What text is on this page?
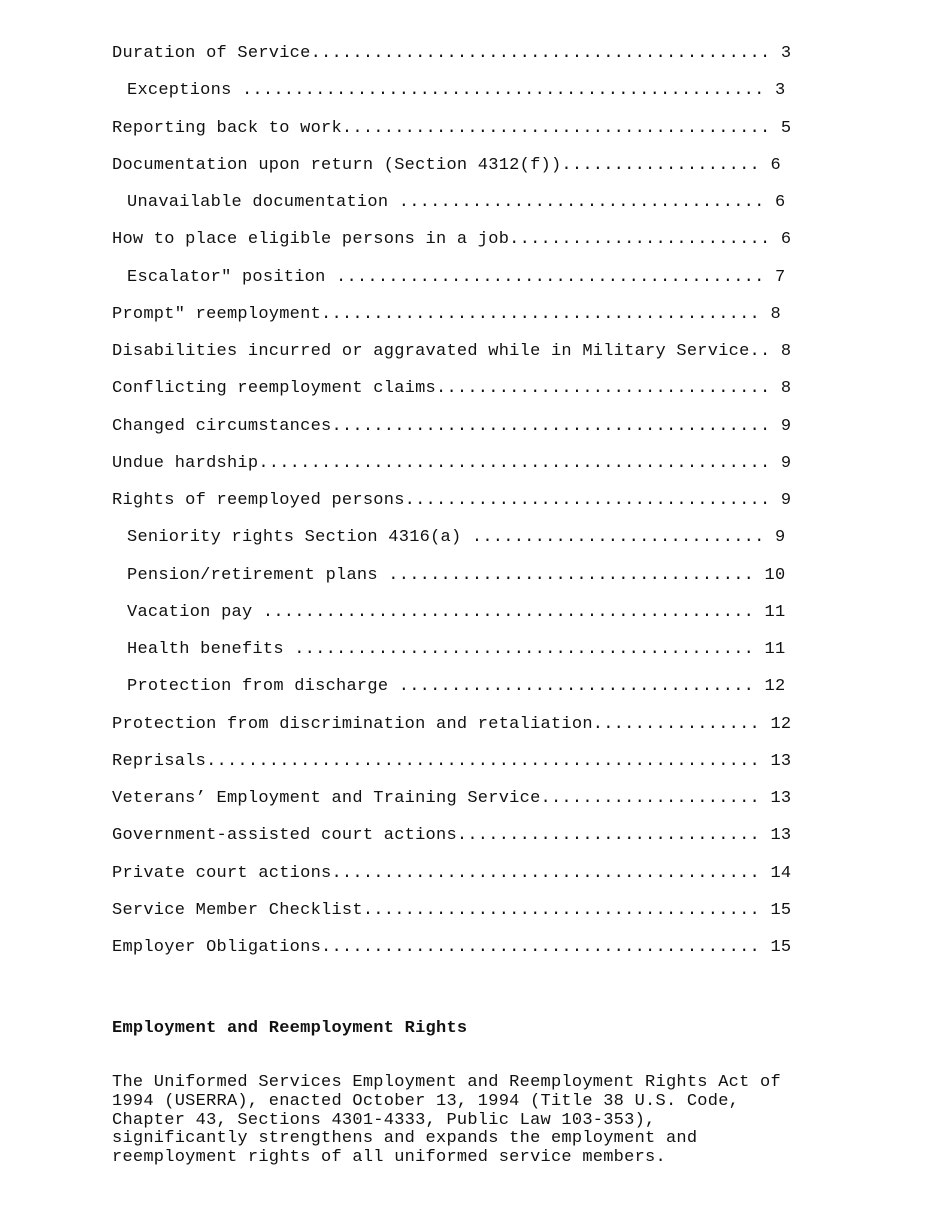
Duration of Service............................................ 3
Exceptions .................................................. 3
Reporting back to work......................................... 5
Documentation upon return (Section 4312(f))................... 6
Unavailable documentation ................................... 6
How to place eligible persons in a job......................... 6
Escalator" position ......................................... 7
Prompt" reemployment.......................................... 8
Disabilities incurred or aggravated while in Military Service.. 8
Conflicting reemployment claims................................ 8
Changed circumstances.......................................... 9
Undue hardship................................................. 9
Rights of reemployed persons................................... 9
Seniority rights Section 4316(a) ............................ 9
Pension/retirement plans ................................... 10
Vacation pay ............................................... 11
Health benefits ............................................ 11
Protection from discharge .................................. 12
Protection from discrimination and retaliation................ 12
Reprisals..................................................... 13
Veterans’ Employment and Training Service..................... 13
Government-assisted court actions............................. 13
Private court actions......................................... 14
Service Member Checklist...................................... 15
Employer Obligations.......................................... 15
Employment and Reemployment Rights

The Uniformed Services Employment and Reemployment Rights Act of
1994 (USERRA), enacted October 13, 1994 (Title 38 U.S. Code,
Chapter 43, Sections 4301-4333, Public Law 103-353),
significantly strengthens and expands the employment and
reemployment rights of all uniformed service members.
